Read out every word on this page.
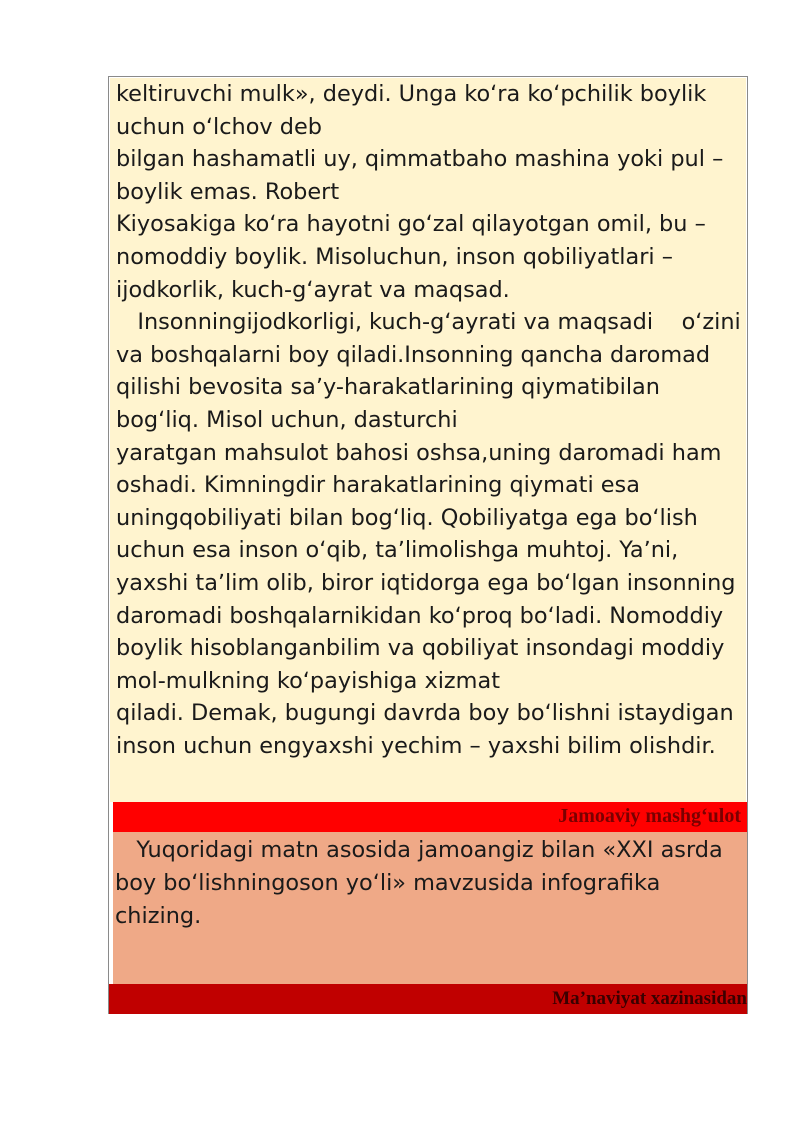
keltiruvchi mulk», deydi. Unga koʻra koʻpchilik boylik
uchun oʻlchov deb
bilgan hashamatli uy, qimmatbaho mashina yoki pul –
boylik emas. Robert
Kiyosakiga koʻra hayotni goʻzal qilayotgan omil, bu –
nomoddiy boylik. Misoluchun, inson qobiliyatlari –
ijodkorlik, kuch-gʻayrat va maqsad.
Insonningijodkorligi, kuch-gʻayrati va maqsadi    oʻzini
va boshqalarni boy qiladi.Insonning qancha daromad
qilishi bevosita saʼy-harakatlarining qiymatibilan
bogʻliq. Misol uchun, dasturchi
yaratgan mahsulot bahosi oshsa,uning daromadi ham
oshadi. Kimningdir harakatlarining qiymati esa
uningqobiliyati bilan bogʻliq. Qobiliyatga ega boʻlish
uchun esa inson oʻqib, taʼlimolishga muhtoj. Yaʼni,
yaxshi taʼlim olib, biror iqtidorga ega boʻlgan insonning
daromadi boshqalarnikidan koʻproq boʻladi. Nomoddiy
boylik hisoblanganbilim va qobiliyat insondagi moddiy
mol-mulkning koʻpayishiga xizmat
qiladi. Demak, bugungi davrda boy boʻlishni istaydigan
inson uchun engyaxshi yechim – yaxshi bilim olishdir.

Jamoaviy mashgʻulot

Yuqoridagi matn asosida jamoangiz bilan «XXI asrda
boy boʻlishningoson yoʻli» mavzusida infografika
chizing.

Maʼnaviyat xazinasidan
